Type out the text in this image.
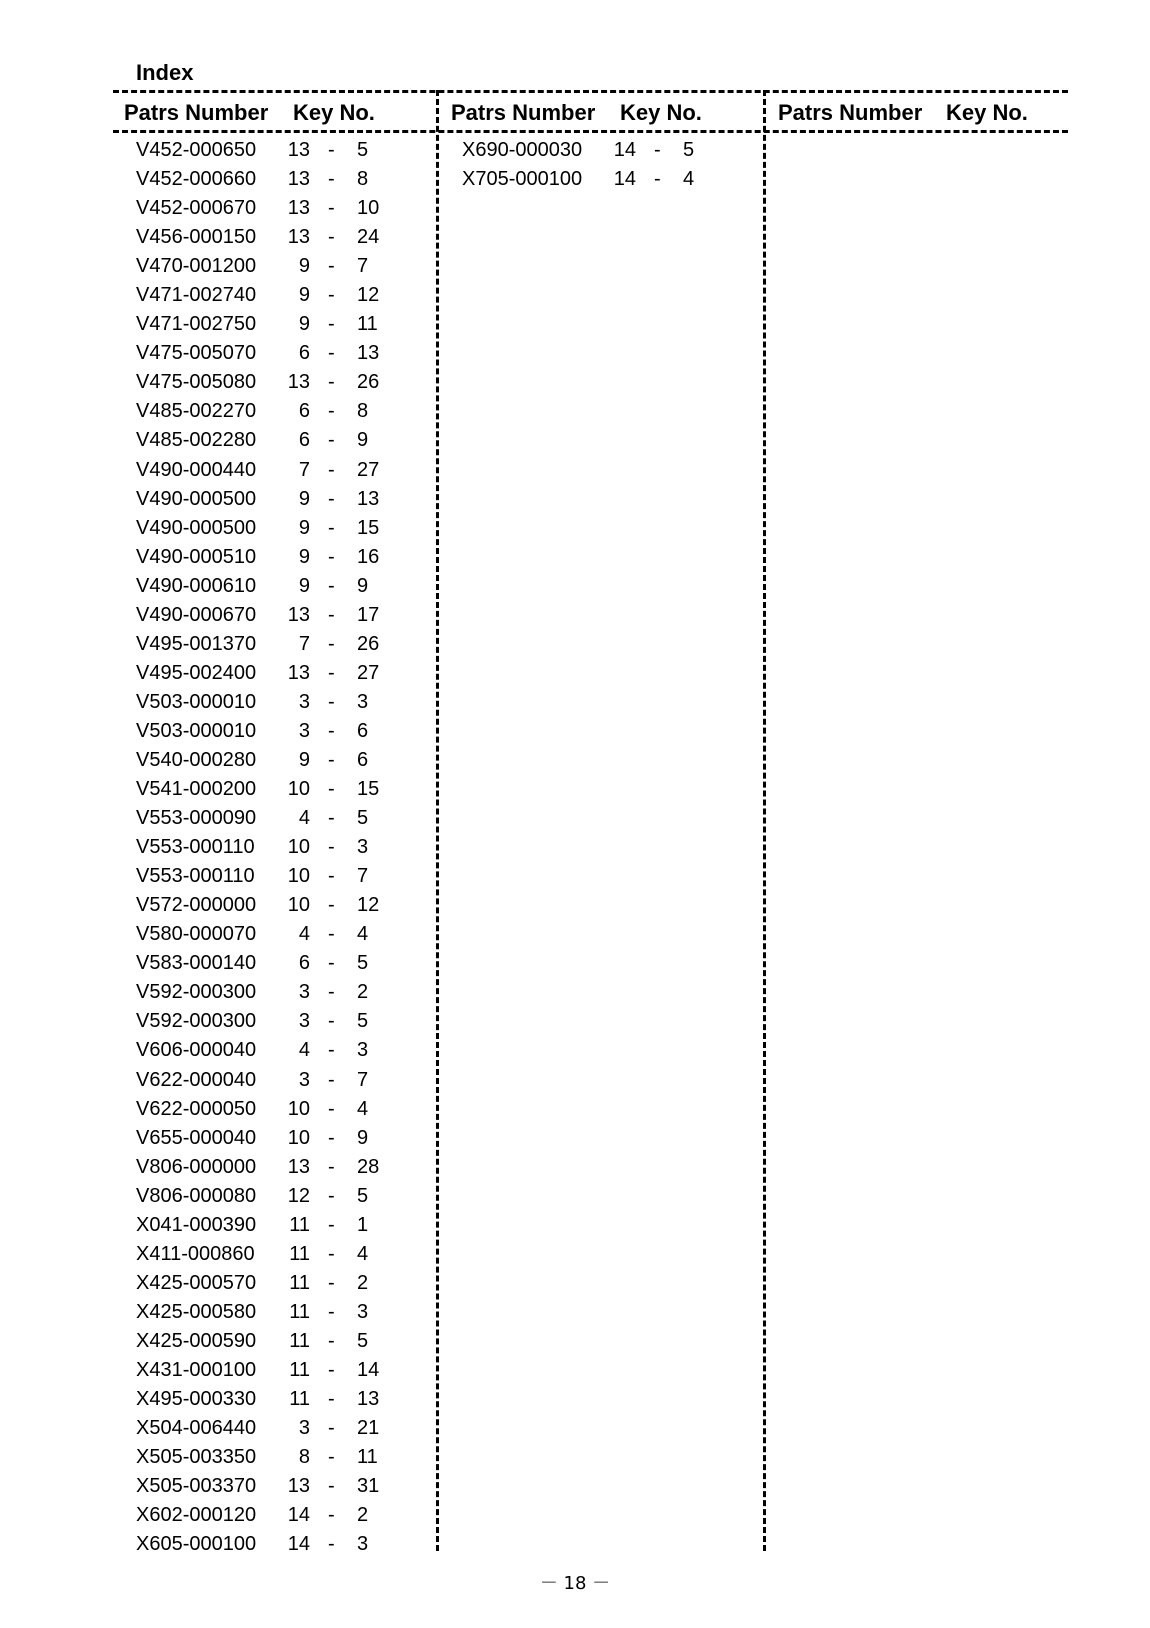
Index
Patrs Number Key No.	Patrs Number Key No.	Patrs Number Key No.
V452-000650	13 - 5
V452-000660	13 - 8
V452-000670	13 - 10
V456-000150	13 - 24
V470-001200	9 - 7
V471-002740	9 - 12
V471-002750	9 - 11
V475-005070	6 - 13
V475-005080	13 - 26
V485-002270	6 - 8
V485-002280	6 - 9
V490-000440	7 - 27
V490-000500	9 - 13
V490-000500	9 - 15
V490-000510	9 - 16
V490-000610	9 - 9
V490-000670	13 - 17
V495-001370	7 - 26
V495-002400	13 - 27
V503-000010	3 - 3
V503-000010	3 - 6
V540-000280	9 - 6
V541-000200	10 - 15
V553-000090	4 - 5
V553-000110	10 - 3
V553-000110	10 - 7
V572-000000	10 - 12
V580-000070	4 - 4
V583-000140	6 - 5
V592-000300	3 - 2
V592-000300	3 - 5
V606-000040	4 - 3
V622-000040	3 - 7
V622-000050	10 - 4
V655-000040	10 - 9
V806-000000	13 - 28
V806-000080	12 - 5
X041-000390	11 - 1
X411-000860	11 - 4
X425-000570	11 - 2
X425-000580	11 - 3
X425-000590	11 - 5
X431-000100	11 - 14
X495-000330	11 - 13
X504-006440	3 - 21
X505-003350	8 - 11
X505-003370	13 - 31
X602-000120	14 - 2
X605-000100	14 - 3
X690-000030	14 - 5
X705-000100	14 - 4
－ 18 －
